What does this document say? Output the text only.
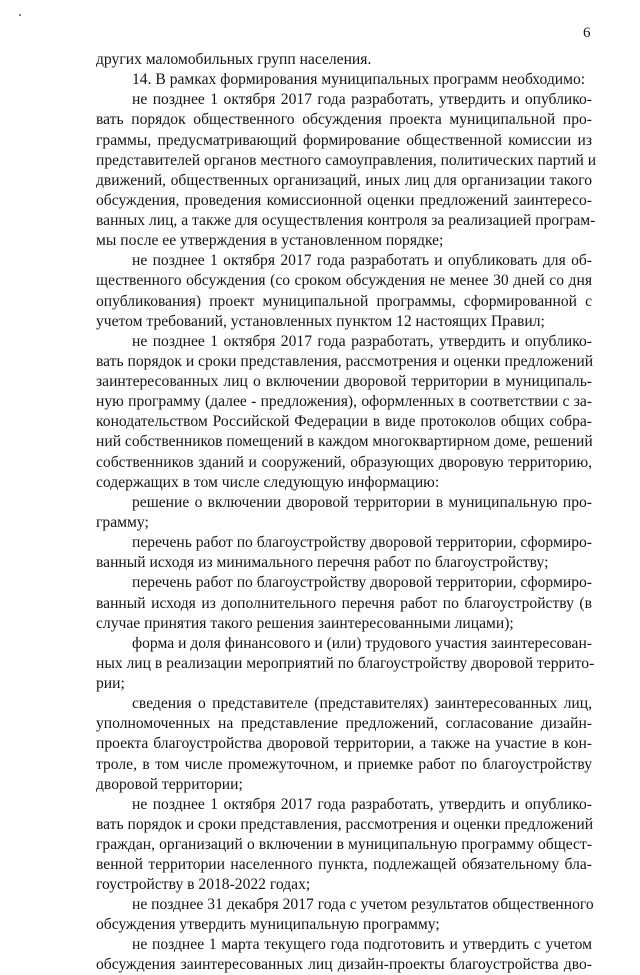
6
других маломобильных групп населения.
14. В рамках формирования муниципальных программ необходимо:
не позднее 1 октября 2017 года разработать, утвердить и опублико-
вать порядок общественного обсуждения проекта муниципальной про-
граммы, предусматривающий формирование общественной комиссии из
представителей органов местного самоуправления, политических партий и
движений, общественных организаций, иных лиц для организации такого
обсуждения, проведения комиссионной оценки предложений заинтересо-
ванных лиц, а также для осуществления контроля за реализацией програм-
мы после ее утверждения в установленном порядке;
не позднее 1 октября 2017 года разработать и опубликовать для об-
щественного обсуждения (со сроком обсуждения не менее 30 дней со дня
опубликования) проект муниципальной программы, сформированной с
учетом требований, установленных пунктом 12 настоящих Правил;
не позднее 1 октября 2017 года разработать, утвердить и опублико-
вать порядок и сроки представления, рассмотрения и оценки предложений
заинтересованных лиц о включении дворовой территории в муниципаль-
ную программу (далее - предложения), оформленных в соответствии с за-
конодательством Российской Федерации в виде протоколов общих собра-
ний собственников помещений в каждом многоквартирном доме, решений
собственников зданий и сооружений, образующих дворовую территорию,
содержащих в том числе следующую информацию:
решение о включении дворовой территории в муниципальную про-
грамму;
перечень работ по благоустройству дворовой территории, сформиро-
ванный исходя из минимального перечня работ по благоустройству;
перечень работ по благоустройству дворовой территории, сформиро-
ванный исходя из дополнительного перечня работ по благоустройству (в
случае принятия такого решения заинтересованными лицами);
форма и доля финансового и (или) трудового участия заинтересован-
ных лиц в реализации мероприятий по благоустройству дворовой террито-
рии;
сведения о представителе (представителях) заинтересованных лиц,
уполномоченных на представление предложений, согласование дизайн-
проекта благоустройства дворовой территории, а также на участие в кон-
троле, в том числе промежуточном, и приемке работ по благоустройству
дворовой территории;
не позднее 1 октября 2017 года разработать, утвердить и опублико-
вать порядок и сроки представления, рассмотрения и оценки предложений
граждан, организаций о включении в муниципальную программу общест-
венной территории населенного пункта, подлежащей обязательному бла-
гоустройству в 2018-2022 годах;
не позднее 31 декабря 2017 года с учетом результатов общественного
обсуждения утвердить муниципальную программу;
не позднее 1 марта текущего года подготовить и утвердить с учетом
обсуждения заинтересованных лиц дизайн-проекты благоустройства дво-
